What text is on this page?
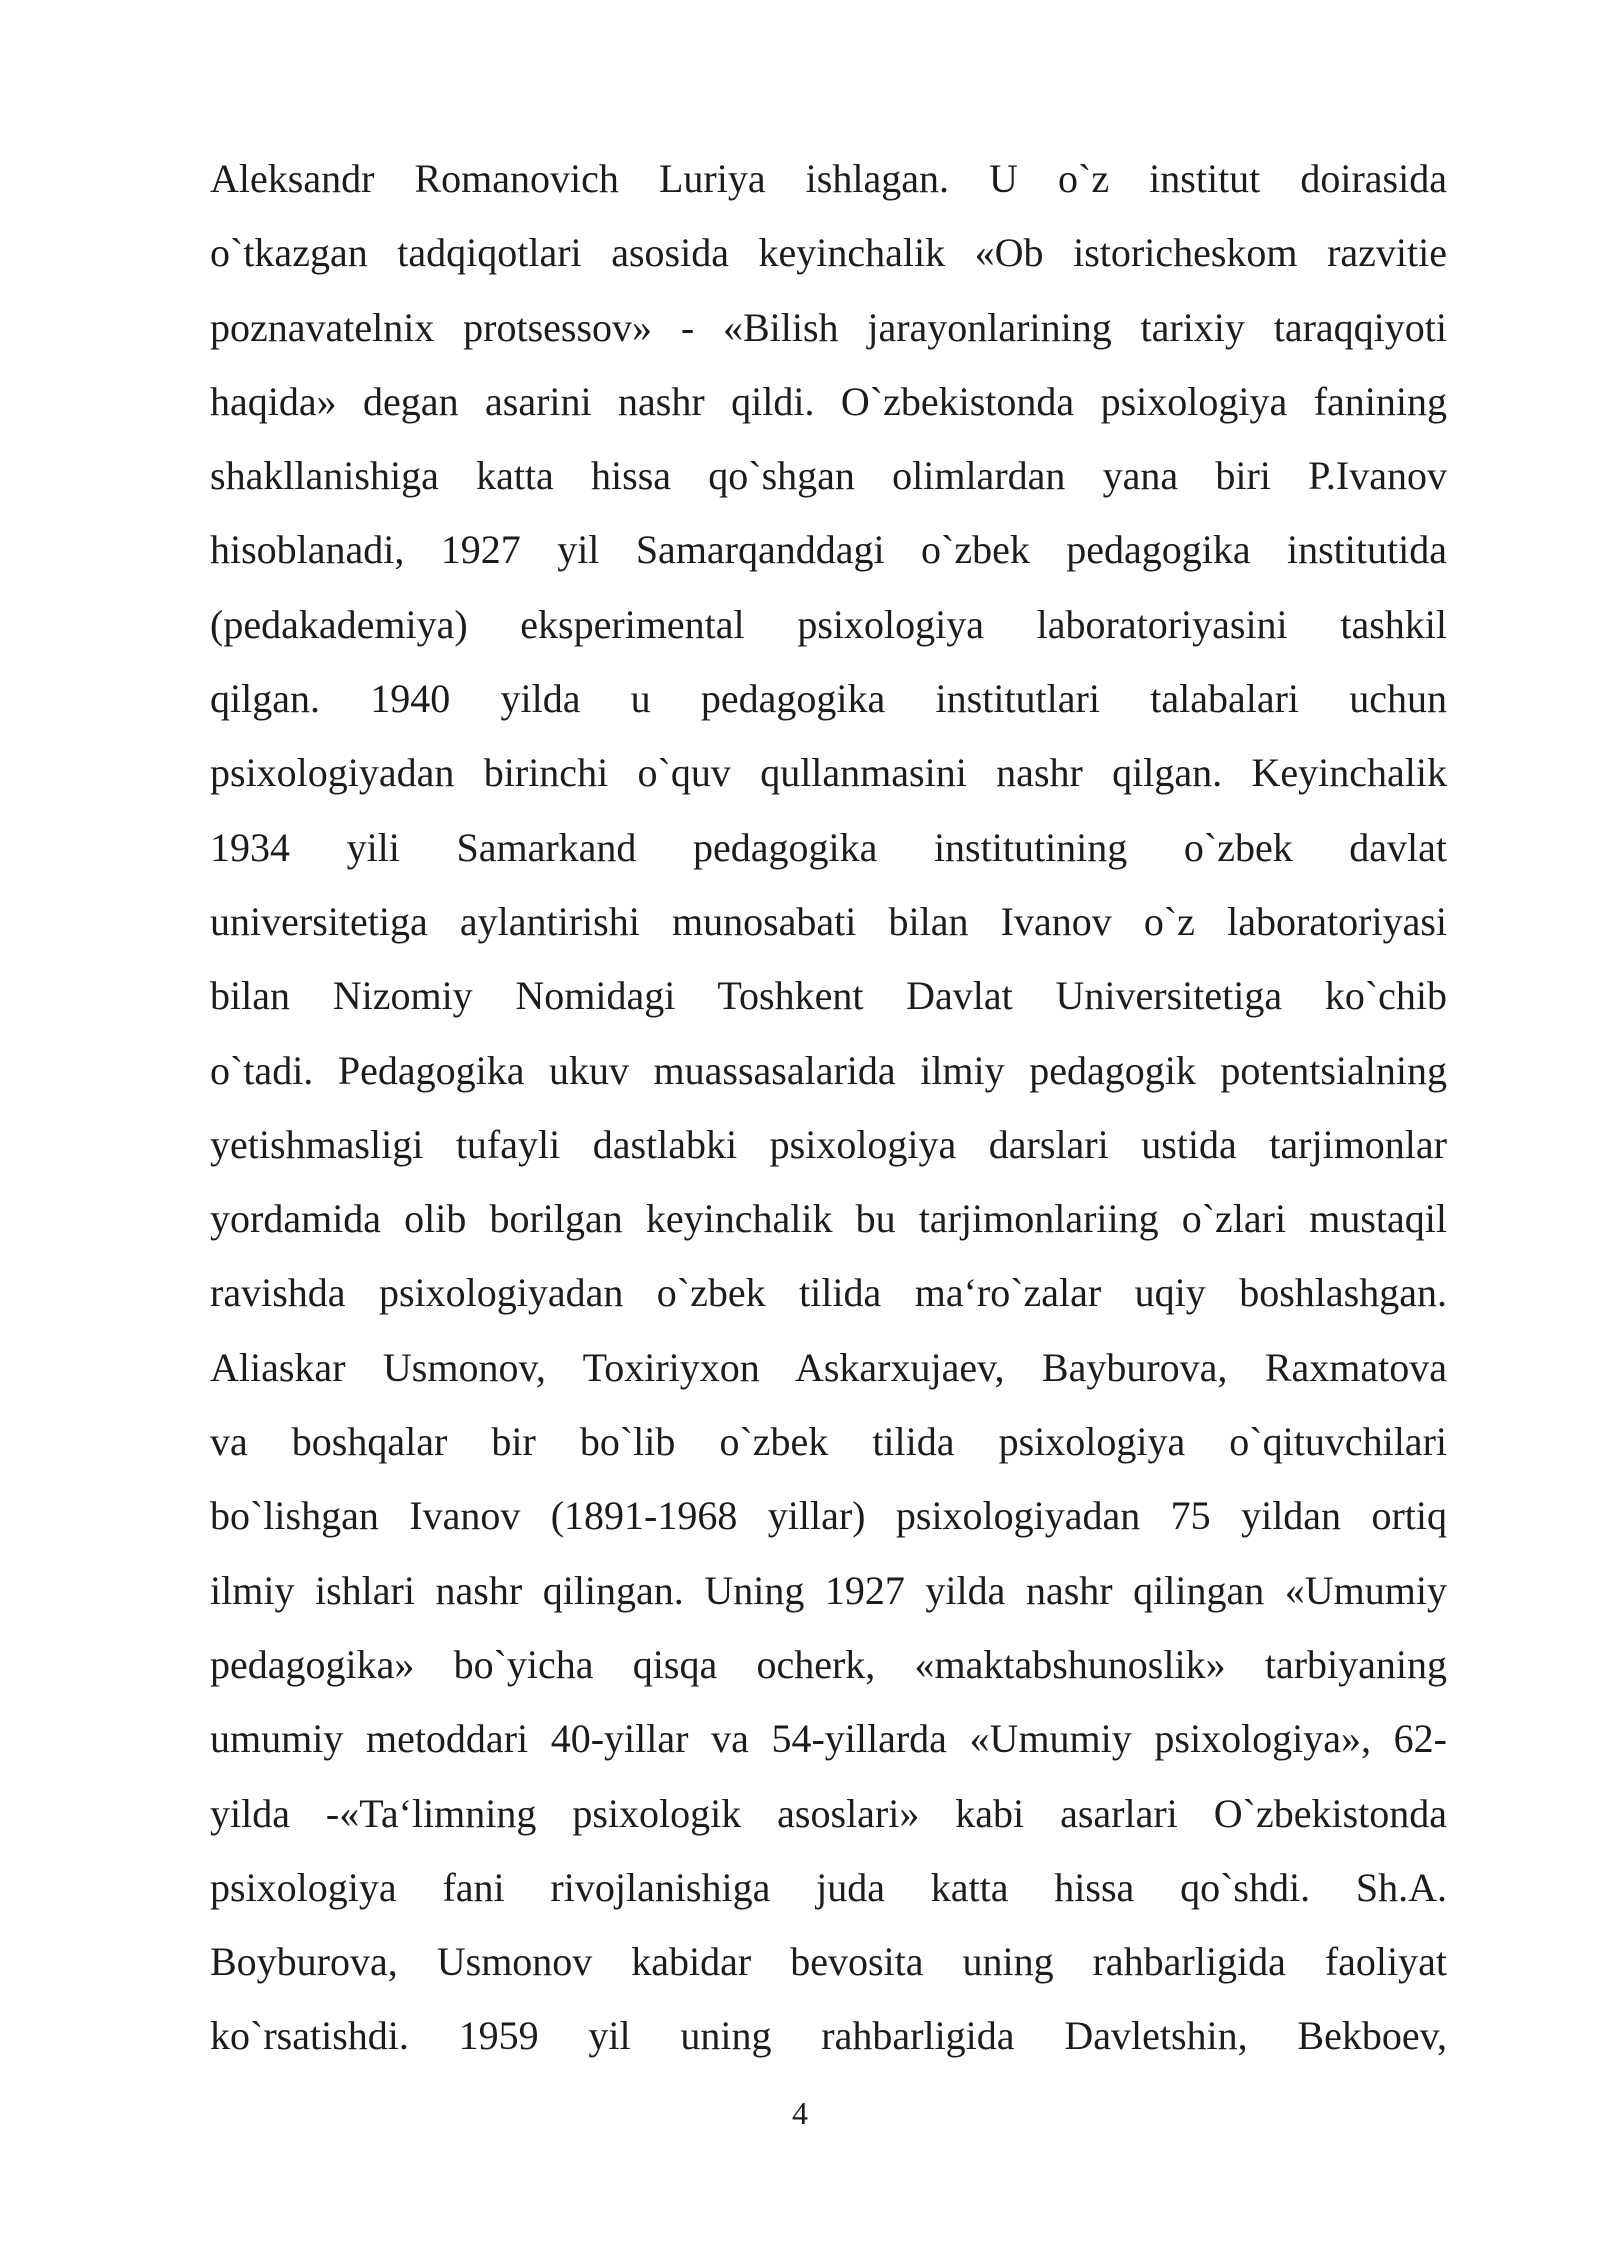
Aleksandr Romanovich Luriya ishlagan. U o`z institut doirasida
o`tkazgan tadqiqotlari asosida keyinchalik «Ob istoricheskom razvitie
poznavatelnix protsessov» - «Bilish jarayonlarining tarixiy taraqqiyoti
haqida» degan asarini nashr qildi. O`zbekistonda psixologiya fanining
shakllanishiga katta hissa qo`shgan olimlardan yana biri P.Ivanov
hisoblanadi, 1927 yil Samarqanddagi o`zbek pedagogika institutida
(pedakademiya) eksperimental psixologiya laboratoriyasini tashkil
qilgan. 1940 yilda u pedagogika institutlari talabalari uchun
psixologiyadan birinchi o`quv qullanmasini nashr qilgan. Keyinchalik
1934 yili Samarkand pedagogika institutining o`zbek davlat
universitetiga aylantirishi munosabati bilan Ivanov o`z laboratoriyasi
bilan Nizomiy Nomidagi Toshkent Davlat Universitetiga ko`chib
o`tadi. Pedagogika ukuv muassasalarida ilmiy pedagogik potentsialning
yetishmasligi tufayli dastlabki psixologiya darslari ustida tarjimonlar
yordamida olib borilgan keyinchalik bu tarjimonlariing o`zlari mustaqil
ravishda psixologiyadan o`zbek tilida ma‘ro`zalar uqiy boshlashgan.
Aliaskar Usmonov, Toxiriyxon Askarxujaev, Bayburova, Raxmatova
va boshqalar bir bo`lib o`zbek tilida psixologiya o`qituvchilari
bo`lishgan Ivanov (1891-1968 yillar) psixologiyadan 75 yildan ortiq
ilmiy ishlari nashr qilingan. Uning 1927 yilda nashr qilingan «Umumiy
pedagogika» bo`yicha qisqa ocherk, «maktabshunoslik» tarbiyaning
umumiy metoddari 40-yillar va 54-yillarda «Umumiy psixologiya», 62-
yilda -«Ta‘limning psixologik asoslari» kabi asarlari O`zbekistonda
psixologiya fani rivojlanishiga juda katta hissa qo`shdi. Sh.A.
Boyburova, Usmonov kabidar bevosita uning rahbarligida faoliyat
ko`rsatishdi. 1959 yil uning rahbarligida Davletshin, Bekboev,
4
